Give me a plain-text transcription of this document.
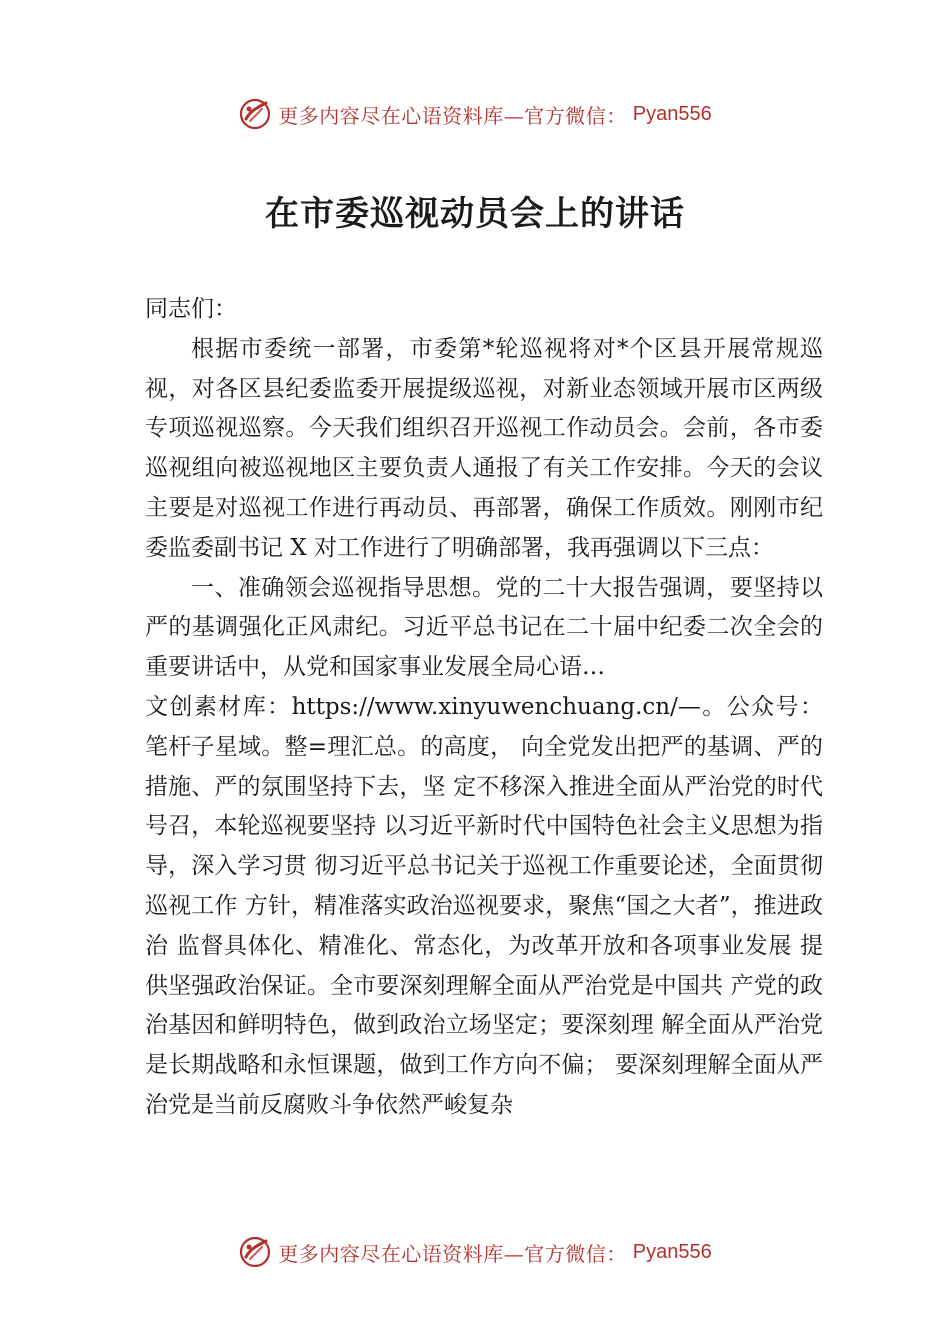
更多内容尽在心语资料库—官方微信： Pyan556
在市委巡视动员会上的讲话

同志们：

根据市委统一部署，市委第*轮巡视将对*个区县开展常规巡视，对各区县纪委监委开展提级巡视，对新业态领域开展市区两级专项巡视巡察。今天我们组织召开巡视工作动员会。会前，各市委巡视组向被巡视地区主要负责人通报了有关工作安排。今天的会议主要是对巡视工作进行再动员、再部署，确保工作质效。刚刚市纪委监委副书记 X 对工作进行了明确部署，我再强调以下三点：

一、准确领会巡视指导思想。党的二十大报告强调，要坚持以严的基调强化正风肃纪。习近平总书记在二十届中纪委二次全会的重要讲话中，从党和国家事业发展全局心语…

文创素材库：https://www.xinyuwenchuang.cn/—。公众号：笔杆子星域。整=理汇总。的高度， 向全党发出把严的基调、严的措施、严的氛围坚持下去，坚 定不移深入推进全面从严治党的时代号召，本轮巡视要坚持 以习近平新时代中国特色社会主义思想为指导，深入学习贯 彻习近平总书记关于巡视工作重要论述，全面贯彻巡视工作 方针，精准落实政治巡视要求，聚焦“国之大者”，推进政治 监督具体化、精准化、常态化，为改革开放和各项事业发展 提供坚强政治保证。全市要深刻理解全面从严治党是中国共 产党的政治基因和鲜明特色，做到政治立场坚定；要深刻理 解全面从严治党是长期战略和永恒课题，做到工作方向不偏； 要深刻理解全面从严治党是当前反腐败斗争依然严峻复杂

更多内容尽在心语资料库—官方微信： Pyan556
